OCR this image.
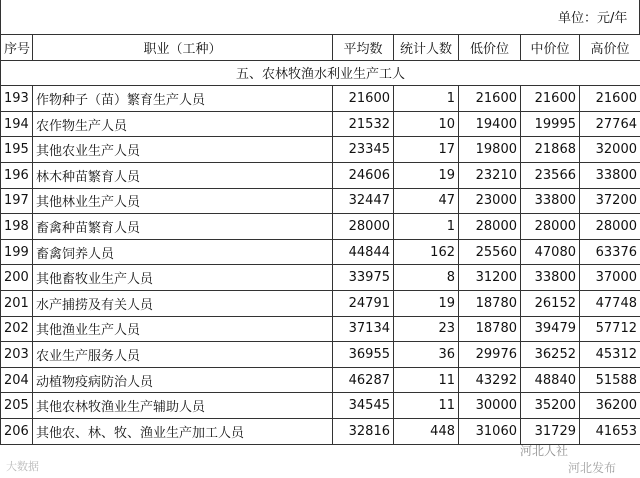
单位：元/年
序号	职业（工种）	平均数	统计人数	低价位	中价位	高价位
五、农林牧渔水利业生产工人						
193	作物种子（苗）繁育生产人员	21600	1	21600	21600	21600
194	农作物生产人员	21532	10	19400	19995	27764
195	其他农业生产人员	23345	17	19800	21868	32000
196	林木种苗繁育人员	24606	19	23210	23566	33800
197	其他林业生产人员	32447	47	23000	33800	37200
198	畜禽种苗繁育人员	28000	1	28000	28000	28000
199	畜禽饲养人员	44844	162	25560	47080	63376
200	其他畜牧业生产人员	33975	8	31200	33800	37000
201	水产捕捞及有关人员	24791	19	18780	26152	47748
202	其他渔业生产人员	37134	23	18780	39479	57712
203	农业生产服务人员	36955	36	29976	36252	45312
204	动植物疫病防治人员	46287	11	43292	48840	51588
205	其他农林牧渔业生产辅助人员	34545	11	30000	35200	36200
206	其他农、林、牧、渔业生产加工人员	32816	448	31060	31729	41653
大数据
河北人社
河北发布
